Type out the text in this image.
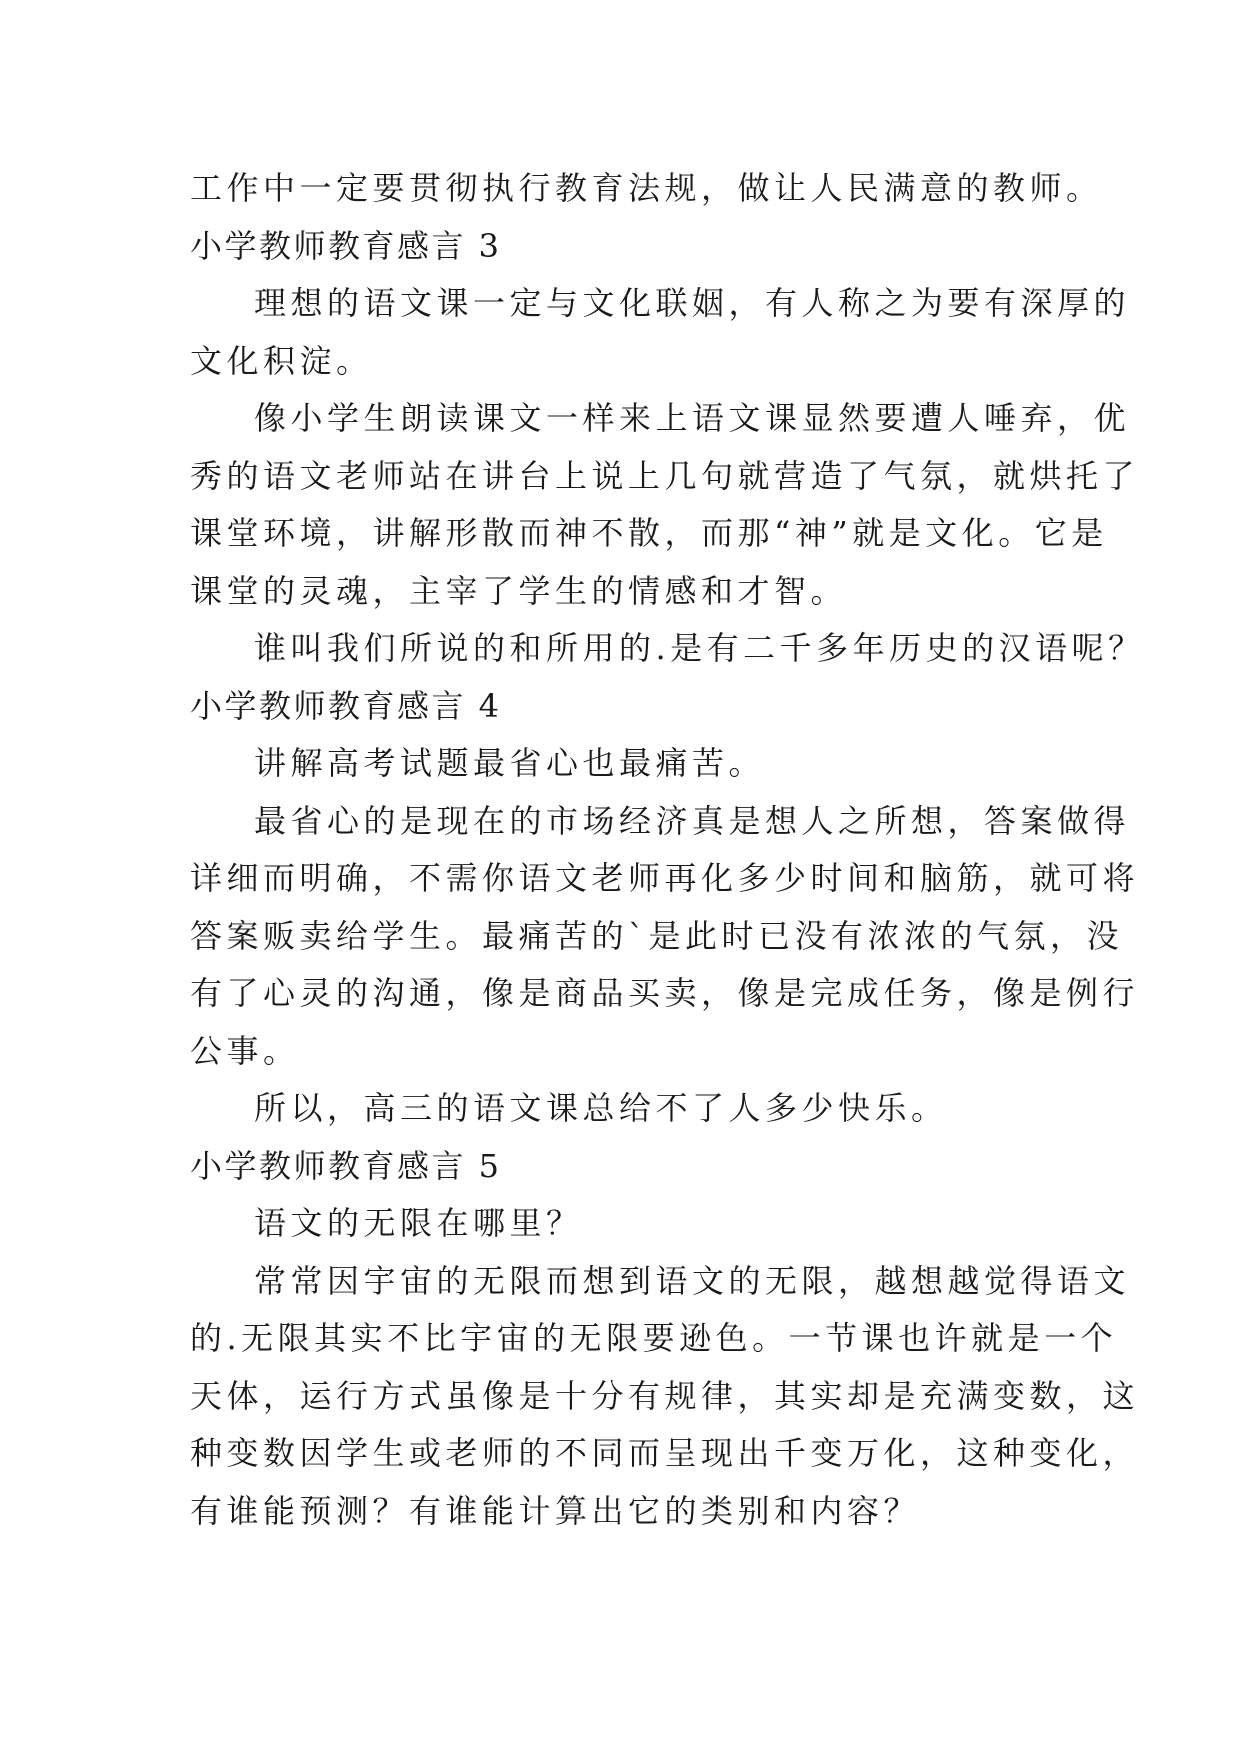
工作中一定要贯彻执行教育法规，做让人民满意的教师。
小学教师教育感言 3
理想的语文课一定与文化联姻，有人称之为要有深厚的
文化积淀。
像小学生朗读课文一样来上语文课显然要遭人唾弃，优
秀的语文老师站在讲台上说上几句就营造了气氛，就烘托了
课堂环境，讲解形散而神不散，而那“神”就是文化。它是
课堂的灵魂，主宰了学生的情感和才智。
谁叫我们所说的和所用的.是有二千多年历史的汉语呢？
小学教师教育感言 4
讲解高考试题最省心也最痛苦。
最省心的是现在的市场经济真是想人之所想，答案做得
详细而明确，不需你语文老师再化多少时间和脑筋，就可将
答案贩卖给学生。最痛苦的`是此时已没有浓浓的气氛，没
有了心灵的沟通，像是商品买卖，像是完成任务，像是例行
公事。
所以，高三的语文课总给不了人多少快乐。
小学教师教育感言 5
语文的无限在哪里？
常常因宇宙的无限而想到语文的无限，越想越觉得语文
的.无限其实不比宇宙的无限要逊色。一节课也许就是一个
天体，运行方式虽像是十分有规律，其实却是充满变数，这
种变数因学生或老师的不同而呈现出千变万化，这种变化，
有谁能预测？有谁能计算出它的类别和内容？
